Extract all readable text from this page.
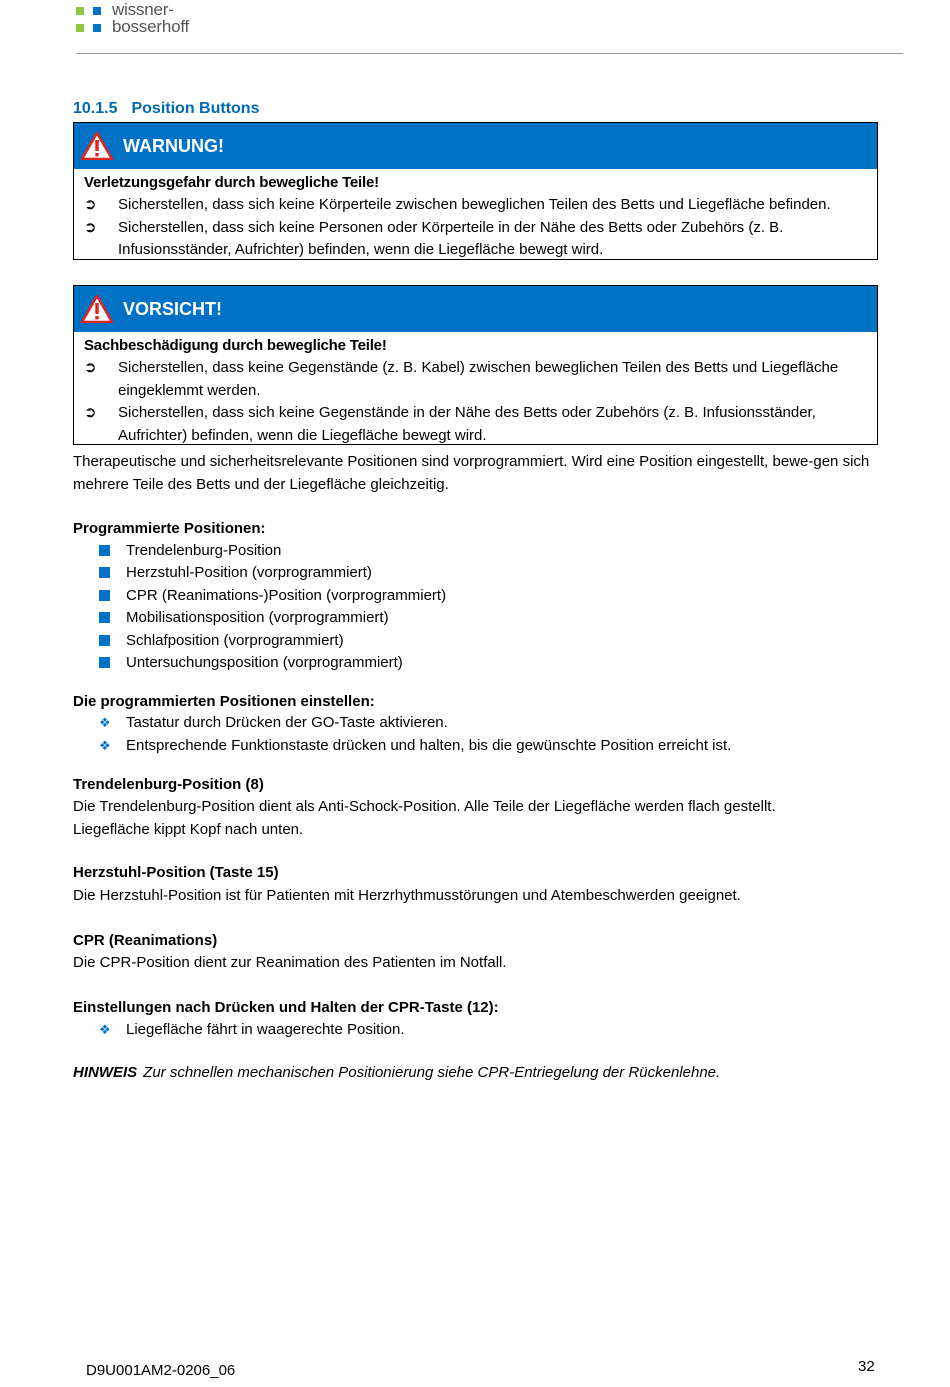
wissner-
bosserhoff
10.1.5 Position Buttons
WARNUNG!
Verletzungsgefahr durch bewegliche Teile!
➲ Sicherstellen, dass sich keine Körperteile zwischen beweglichen Teilen des Betts und Liegefläche befinden.
➲ Sicherstellen, dass sich keine Personen oder Körperteile in der Nähe des Betts oder Zubehörs (z. B. Infusionsständer, Aufrichter) befinden, wenn die Liegefläche bewegt wird.
VORSICHT!
Sachbeschädigung durch bewegliche Teile!
➲ Sicherstellen, dass keine Gegenstände (z. B. Kabel) zwischen beweglichen Teilen des Betts und Liegefläche eingeklemmt werden.
➲ Sicherstellen, dass sich keine Gegenstände in der Nähe des Betts oder Zubehörs (z. B. Infusionsständer, Aufrichter) befinden, wenn die Liegefläche bewegt wird.
Therapeutische und sicherheitsrelevante Positionen sind vorprogrammiert. Wird eine Position eingestellt, bewe-gen sich mehrere Teile des Betts und der Liegefläche gleichzeitig.
Programmierte Positionen:
Trendelenburg-Position
Herzstuhl-Position (vorprogrammiert)
CPR (Reanimations-)Position (vorprogrammiert)
Mobilisationsposition (vorprogrammiert)
Schlafposition (vorprogrammiert)
Untersuchungsposition (vorprogrammiert)
Die programmierten Positionen einstellen:
❖ Tastatur durch Drücken der GO-Taste aktivieren.
❖ Entsprechende Funktionstaste drücken und halten, bis die gewünschte Position erreicht ist.
Trendelenburg-Position (8)
Die Trendelenburg-Position dient als Anti-Schock-Position. Alle Teile der Liegefläche werden flach gestellt. Liegefläche kippt Kopf nach unten.
Herzstuhl-Position (Taste 15)
Die Herzstuhl-Position ist für Patienten mit Herzrhythmusstörungen und Atembeschwerden geeignet.
CPR (Reanimations)
Die CPR-Position dient zur Reanimation des Patienten im Notfall.
Einstellungen nach Drücken und Halten der CPR-Taste (12):
❖ Liegefläche fährt in waagerechte Position.
HINWEIS Zur schnellen mechanischen Positionierung siehe CPR-Entriegelung der Rückenlehne.
D9U001AM2-0206_06	32
